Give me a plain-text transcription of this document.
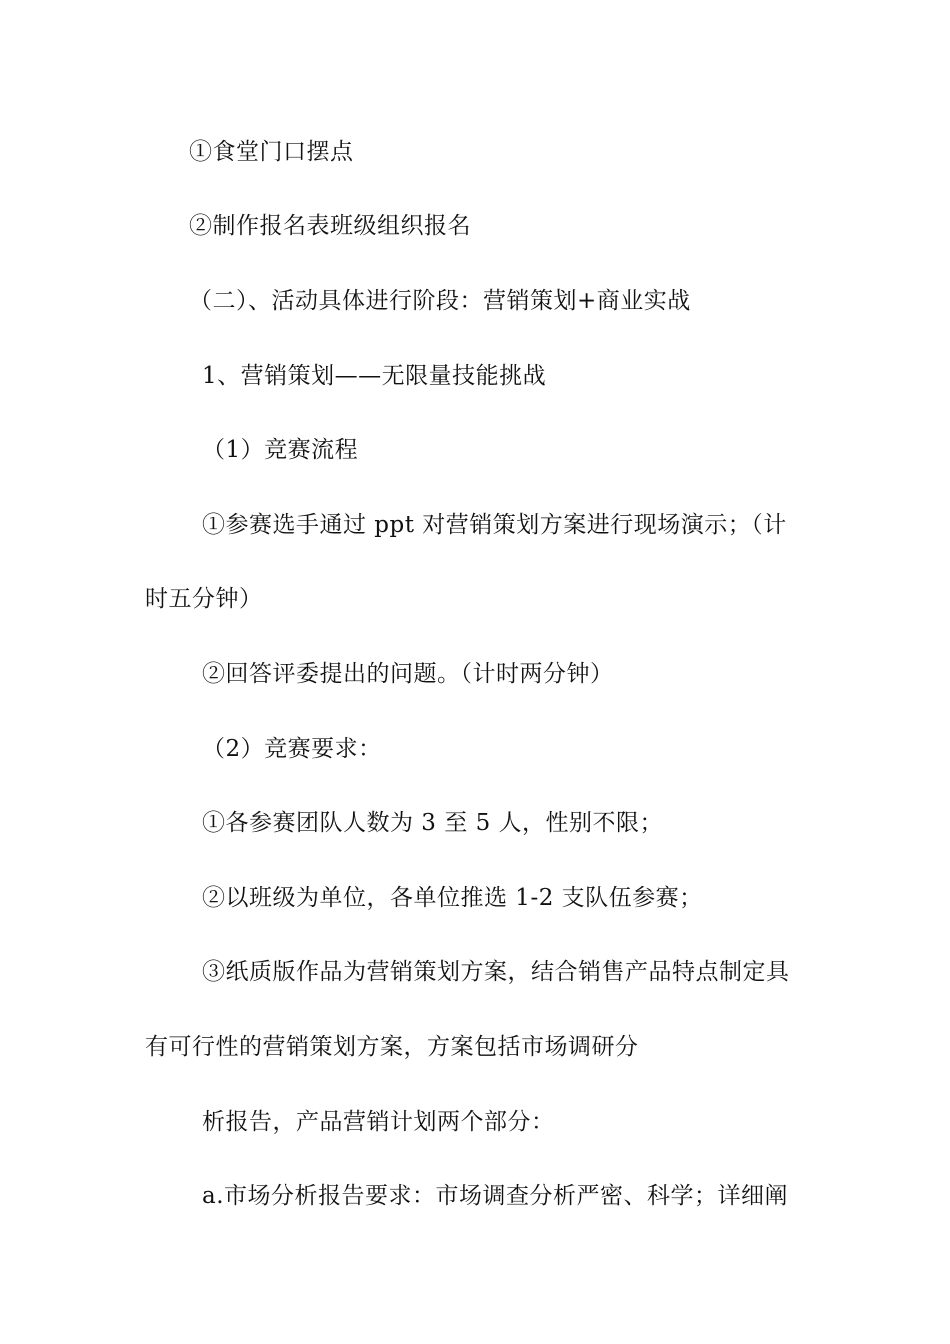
①食堂门口摆点
②制作报名表班级组织报名
（二）、活动具体进行阶段：营销策划+商业实战
1、营销策划——无限量技能挑战
（1）竞赛流程
①参赛选手通过 ppt 对营销策划方案进行现场演示；（计
时五分钟）
②回答评委提出的问题。（计时两分钟）
（2）竞赛要求：
①各参赛团队人数为 3 至 5 人，性别不限；
②以班级为单位，各单位推选 1-2 支队伍参赛；
③纸质版作品为营销策划方案，结合销售产品特点制定具
有可行性的营销策划方案，方案包括市场调研分
析报告，产品营销计划两个部分：
a.市场分析报告要求：市场调查分析严密、科学；详细阐
